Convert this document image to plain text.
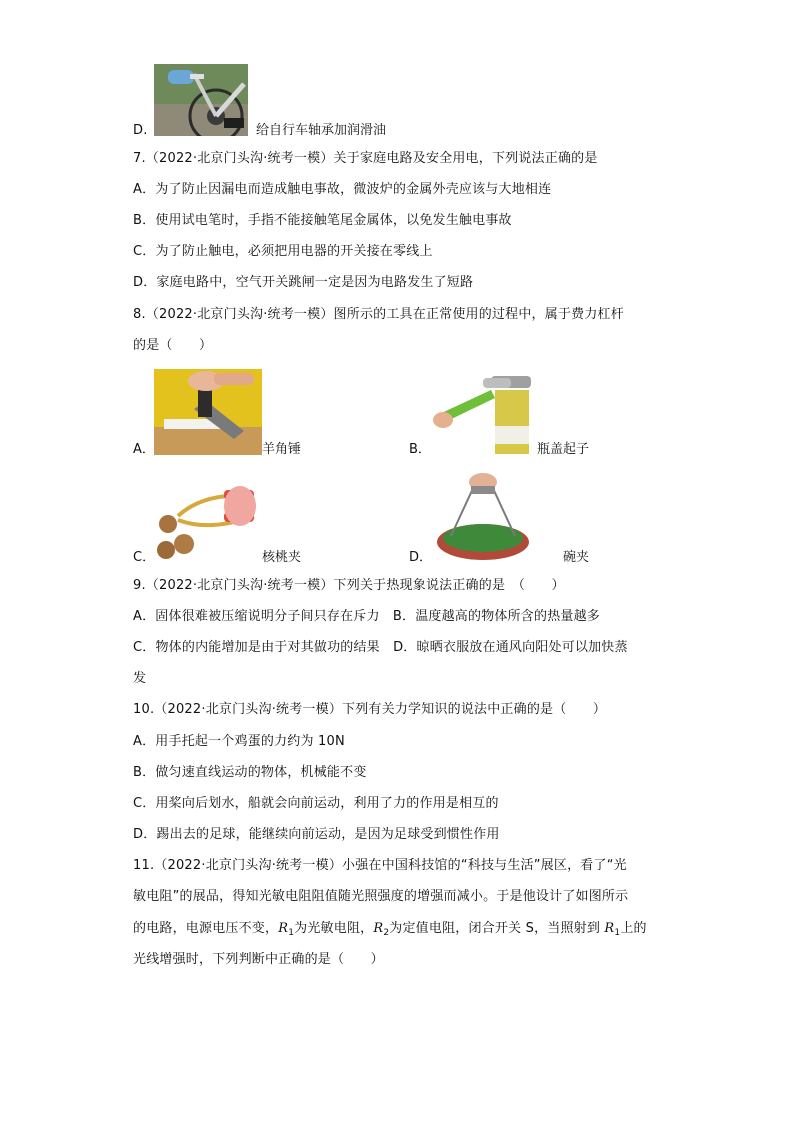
D.	给自行车轴承加润滑油
7.（2022·北京门头沟·统考一模）关于家庭电路及安全用电，下列说法正确的是
A．为了防止因漏电而造成触电事故，微波炉的金属外壳应该与大地相连
B．使用试电笔时，手指不能接触笔尾金属体，以免发生触电事故
C．为了防止触电，必须把用电器的开关接在零线上
D．家庭电路中，空气开关跳闸一定是因为电路发生了短路
8.（2022·北京门头沟·统考一模）图所示的工具在正常使用的过程中，属于费力杠杆
的是（　　）
A．	羊角锤	B．	瓶盖起子
C．	核桃夹	D．	碗夹
9.（2022·北京门头沟·统考一模）下列关于热现象说法正确的是　（　　）
A．固体很难被压缩说明分子间只存在斥力　B．温度越高的物体所含的热量越多
C．物体的内能增加是由于对其做功的结果　D．晾晒衣服放在通风向阳处可以加快蒸
发
10.（2022·北京门头沟·统考一模）下列有关力学知识的说法中正确的是（　　）
A．用手托起一个鸡蛋的力约为 10N
B．做匀速直线运动的物体，机械能不变
C．用桨向后划水，船就会向前运动，利用了力的作用是相互的
D．踢出去的足球，能继续向前运动，是因为足球受到惯性作用
11.（2022·北京门头沟·统考一模）小强在中国科技馆的“科技与生活”展区，看了“光
敏电阻”的展品，得知光敏电阻阻值随光照强度的增强而减小。于是他设计了如图所示
的电路，电源电压不变，$R_1$为光敏电阻，$R_2$为定值电阻，闭合开关 S，当照射到 $R_1$上的
光线增强时，下列判断中正确的是（　　）
